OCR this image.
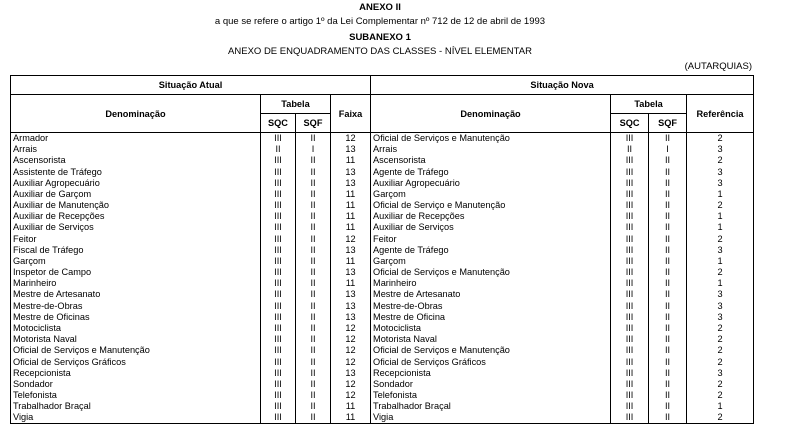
ANEXO II
a que se refere o artigo 1º da Lei Complementar nº 712 de 12 de abril de 1993
SUBANEXO 1
ANEXO DE ENQUADRAMENTO DAS CLASSES - NÍVEL ELEMENTAR
(AUTARQUIAS)
Situação Atual				Situação Nova			
Denominação	Tabela		Faixa	Denominação	Tabela		Referência
	SQC	SQF			SQC	SQF	
Armador	III	II	12	Oficial de Serviços e Manutenção	III	II	2
Arrais	II	I	13	Arrais	II	I	3
Ascensorista	III	II	11	Ascensorista	III	II	2
Assistente de Tráfego	III	II	13	Agente de Tráfego	III	II	3
Auxiliar Agropecuário	III	II	13	Auxiliar Agropecuário	III	II	3
Auxiliar de Garçom	III	II	11	Garçom	III	II	1
Auxiliar de Manutenção	III	II	11	Oficial de Serviço e Manutenção	III	II	2
Auxiliar de Recepções	III	II	11	Auxiliar de Recepções	III	II	1
Auxiliar de Serviços	III	II	11	Auxiliar de Serviços	III	II	1
Feitor	III	II	12	Feitor	III	II	2
Fiscal de Tráfego	III	II	13	Agente de Tráfego	III	II	3
Garçom	III	II	11	Garçom	III	II	1
Inspetor de Campo	III	II	13	Oficial de Serviços e Manutenção	III	II	2
Marinheiro	III	II	11	Marinheiro	III	II	1
Mestre de Artesanato	III	II	13	Mestre de Artesanato	III	II	3
Mestre-de-Obras	III	II	13	Mestre-de-Obras	III	II	3
Mestre de Oficinas	III	II	13	Mestre de Oficina	III	II	3
Motociclista	III	II	12	Motociclista	III	II	2
Motorista Naval	III	II	12	Motorista Naval	III	II	2
Oficial de Serviços e Manutenção	III	II	12	Oficial de Serviços e Manutenção	III	II	2
Oficial de Serviços Gráficos	III	II	12	Oficial de Serviços Gráficos	III	II	2
Recepcionista	III	II	13	Recepcionista	III	II	3
Sondador	III	II	12	Sondador	III	II	2
Telefonista	III	II	12	Telefonista	III	II	2
Trabalhador Braçal	III	II	11	Trabalhador Braçal	III	II	1
Vigia	III	II	11	Vigia	III	II	2
